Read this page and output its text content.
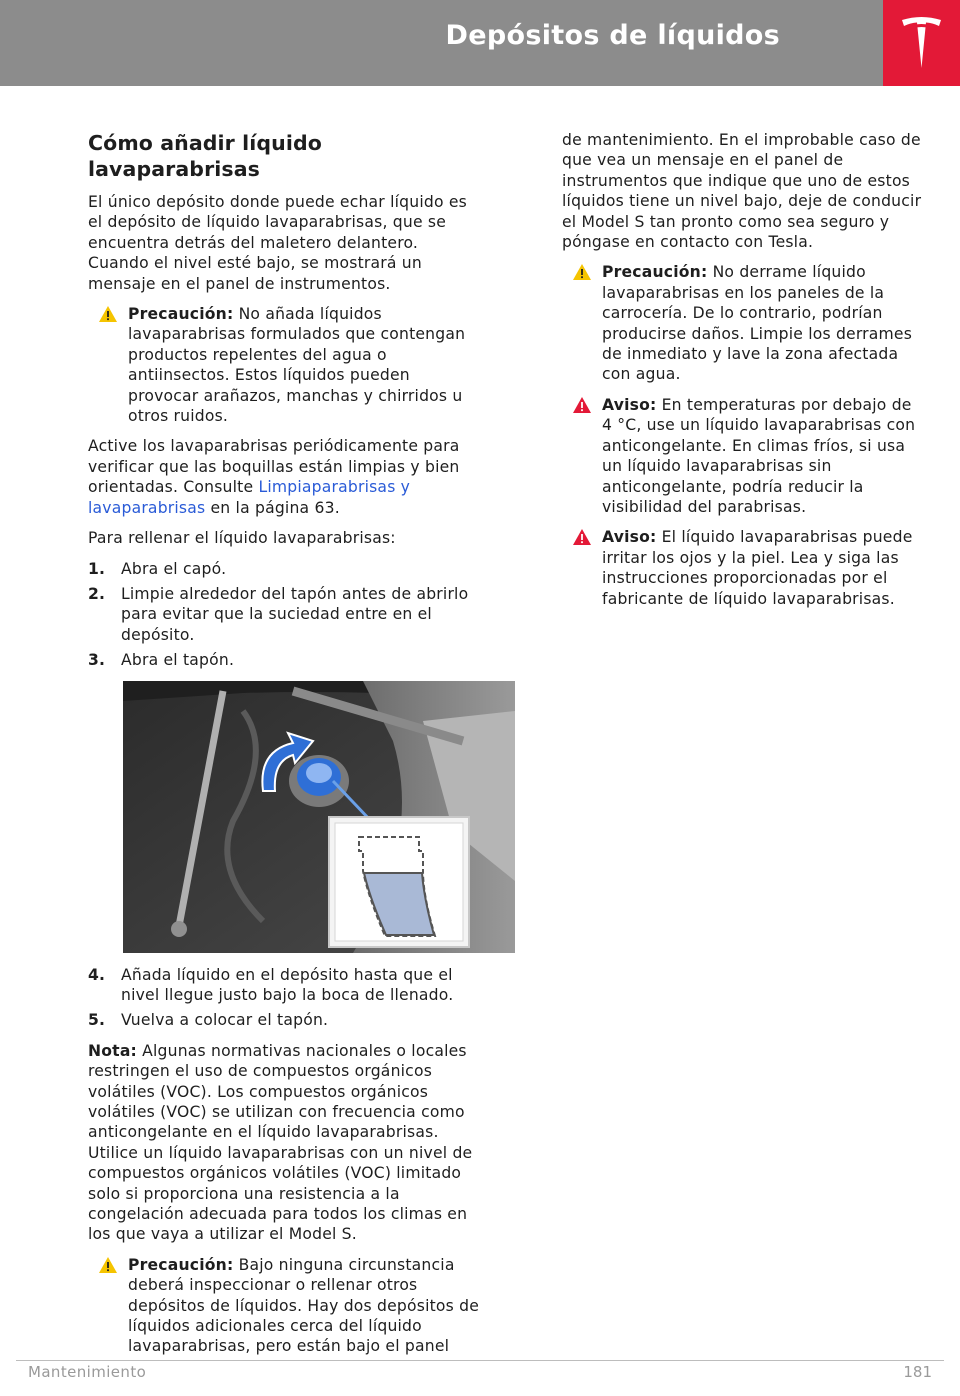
Depósitos de líquidos
Cómo añadir líquido lavaparabrisas

El único depósito donde puede echar líquido es el depósito de líquido lavaparabrisas, que se encuentra detrás del maletero delantero. Cuando el nivel esté bajo, se mostrará un mensaje en el panel de instrumentos.

Precaución: No añada líquidos lavaparabrisas formulados que contengan productos repelentes del agua o antiinsectos. Estos líquidos pueden provocar arañazos, manchas y chirridos u otros ruidos.

Active los lavaparabrisas periódicamente para verificar que las boquillas están limpias y bien orientadas. Consulte Limpiaparabrisas y lavaparabrisas en la página 63.

Para rellenar el líquido lavaparabrisas:

1. Abra el capó.
2. Limpie alrededor del tapón antes de abrirlo para evitar que la suciedad entre en el depósito.
3. Abra el tapón.
4. Añada líquido en el depósito hasta que el nivel llegue justo bajo la boca de llenado.
5. Vuelva a colocar el tapón.

Nota: Algunas normativas nacionales o locales restringen el uso de compuestos orgánicos volátiles (VOC). Los compuestos orgánicos volátiles (VOC) se utilizan con frecuencia como anticongelante en el líquido lavaparabrisas. Utilice un líquido lavaparabrisas con un nivel de compuestos orgánicos volátiles (VOC) limitado solo si proporciona una resistencia a la congelación adecuada para todos los climas en los que vaya a utilizar el Model S.

Precaución: Bajo ninguna circunstancia deberá inspeccionar o rellenar otros depósitos de líquidos. Hay dos depósitos de líquidos adicionales cerca del líquido lavaparabrisas, pero están bajo el panel

de mantenimiento. En el improbable caso de que vea un mensaje en el panel de instrumentos que indique que uno de estos líquidos tiene un nivel bajo, deje de conducir el Model S tan pronto como sea seguro y póngase en contacto con Tesla.

Precaución: No derrame líquido lavaparabrisas en los paneles de la carrocería. De lo contrario, podrían producirse daños. Limpie los derrames de inmediato y lave la zona afectada con agua.
Aviso: En temperaturas por debajo de 4 °C, use un líquido lavaparabrisas con anticongelante. En climas fríos, si usa un líquido lavaparabrisas sin anticongelante, podría reducir la visibilidad del parabrisas.
Aviso: El líquido lavaparabrisas puede irritar los ojos y la piel. Lea y siga las instrucciones proporcionadas por el fabricante de líquido lavaparabrisas.
Mantenimiento	181
